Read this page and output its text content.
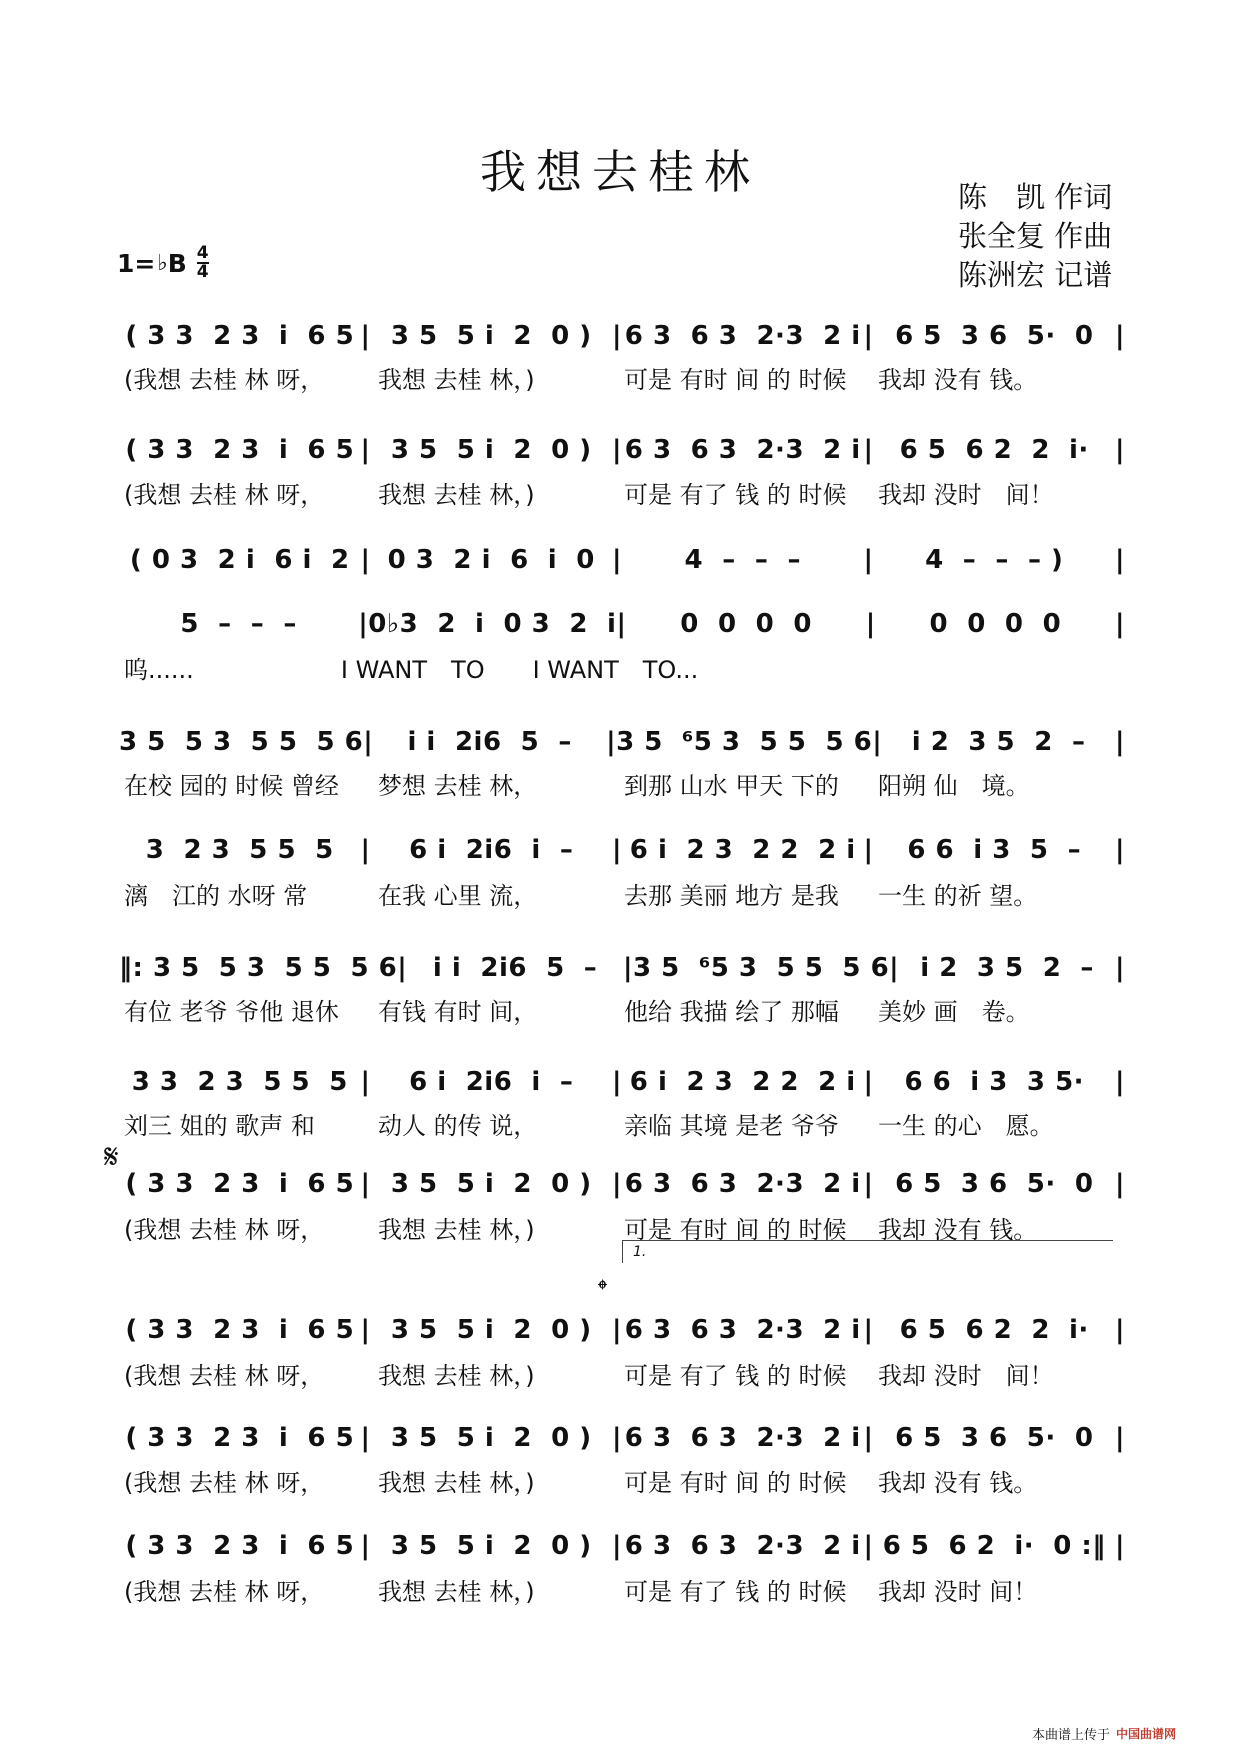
我想去桂林	陈　凯 作词
张全复 作曲
陈洲宏 记谱
1= ♭ B $\frac{4}{4}$
( 3 3  2 3  i  6 5 | 3 5  5 i  2  0 ) | 6 3  6 3  2·3  2 i | 6 5  3 6  5·  0 |
(我想 去桂 林 呀，	我想 去桂 林，)	可是 有时 间 的 时候	我却 没有 钱。
( 3 3  2 3  i  6 5 | 3 5  5 i  2  0 ) | 6 3  6 3  2·3  2 i |	6 5  6 2  2  i·	|
(我想 去桂 林 呀，	我想 去桂 林，)	可是 有了 钱 的 时候	我却 没时　间！
( 0 3  2 i  6 i  2 | 0 3  2 i  6  i  0 |	4  –  –  –	|	4  –  –  – )	|
5  –  –  –	| 0♭3  2  i  0 3  2  i |	0  0  0  0	|	0  0  0  0	|
呜......	I WANT　TO　　I WANT　TO...
3 5  5 3  5 5  5 6 |	i i  2i6  5  –	| 3 5  ⁶5 3  5 5  5 6 |	i 2  3 5  2  –	|
在校 园的 时候 曾经	梦想 去桂 林，	到那 山水 甲天 下的	阳朔 仙　境。
3  2 3  5 5  5	|	6 i  2i6  i  –	| 6 i  2 3  2 2  2 i |	6 6  i 3  5  –	|
漓　江的 水呀 常	在我 心里 流，	去那 美丽 地方 是我	一生 的祈 望。
‖: 3 5  5 3  5 5  5 6 | i i  2i6  5  – | 3 5  ⁶5 3  5 5  5 6 | i 2  3 5  2  – |
有位 老爷 爷他 退休	有钱 有时 间，	他给 我描 绘了 那幅	美妙 画　卷。
3 3  2 3  5 5  5 |	6 i  2i6  i  –	| 6 i  2 3  2 2  2 i |	6 6  i 3  3 5·	|
刘三 姐的 歌声 和	动人 的传 说，	亲临 其境 是老 爷爷	一生 的心　愿。
( 3 3  2 3  i  6 5 | 3 5  5 i  2  0 ) | 6 3  6 3  2·3  2 i | 6 5  3 6  5·  0 |
(我想 去桂 林 呀，	我想 去桂 林，)	可是 有时 间 的 时候	我却 没有 钱。
( 3 3  2 3  i  6 5 | 3 5  5 i  2  0 ) | 6 3  6 3  2·3  2 i |	6 5  6 2  2  i·	|
(我想 去桂 林 呀，	我想 去桂 林，)	可是 有了 钱 的 时候	我却 没时　间！
( 3 3  2 3  i  6 5 | 3 5  5 i  2  0 ) | 6 3  6 3  2·3  2 i | 6 5  3 6  5·  0 |
(我想 去桂 林 呀，	我想 去桂 林，)	可是 有时 间 的 时候	我却 没有 钱。
( 3 3  2 3  i  6 5 | 3 5  5 i  2  0 ) | 6 3  6 3  2·3  2 i | 6 5  6 2  i·  0 :‖ |
(我想 去桂 林 呀，	我想 去桂 林，)	可是 有了 钱 的 时候	我却 没时 间！
𝄋
1.
𝄌
本曲谱上传于 中国曲谱网
